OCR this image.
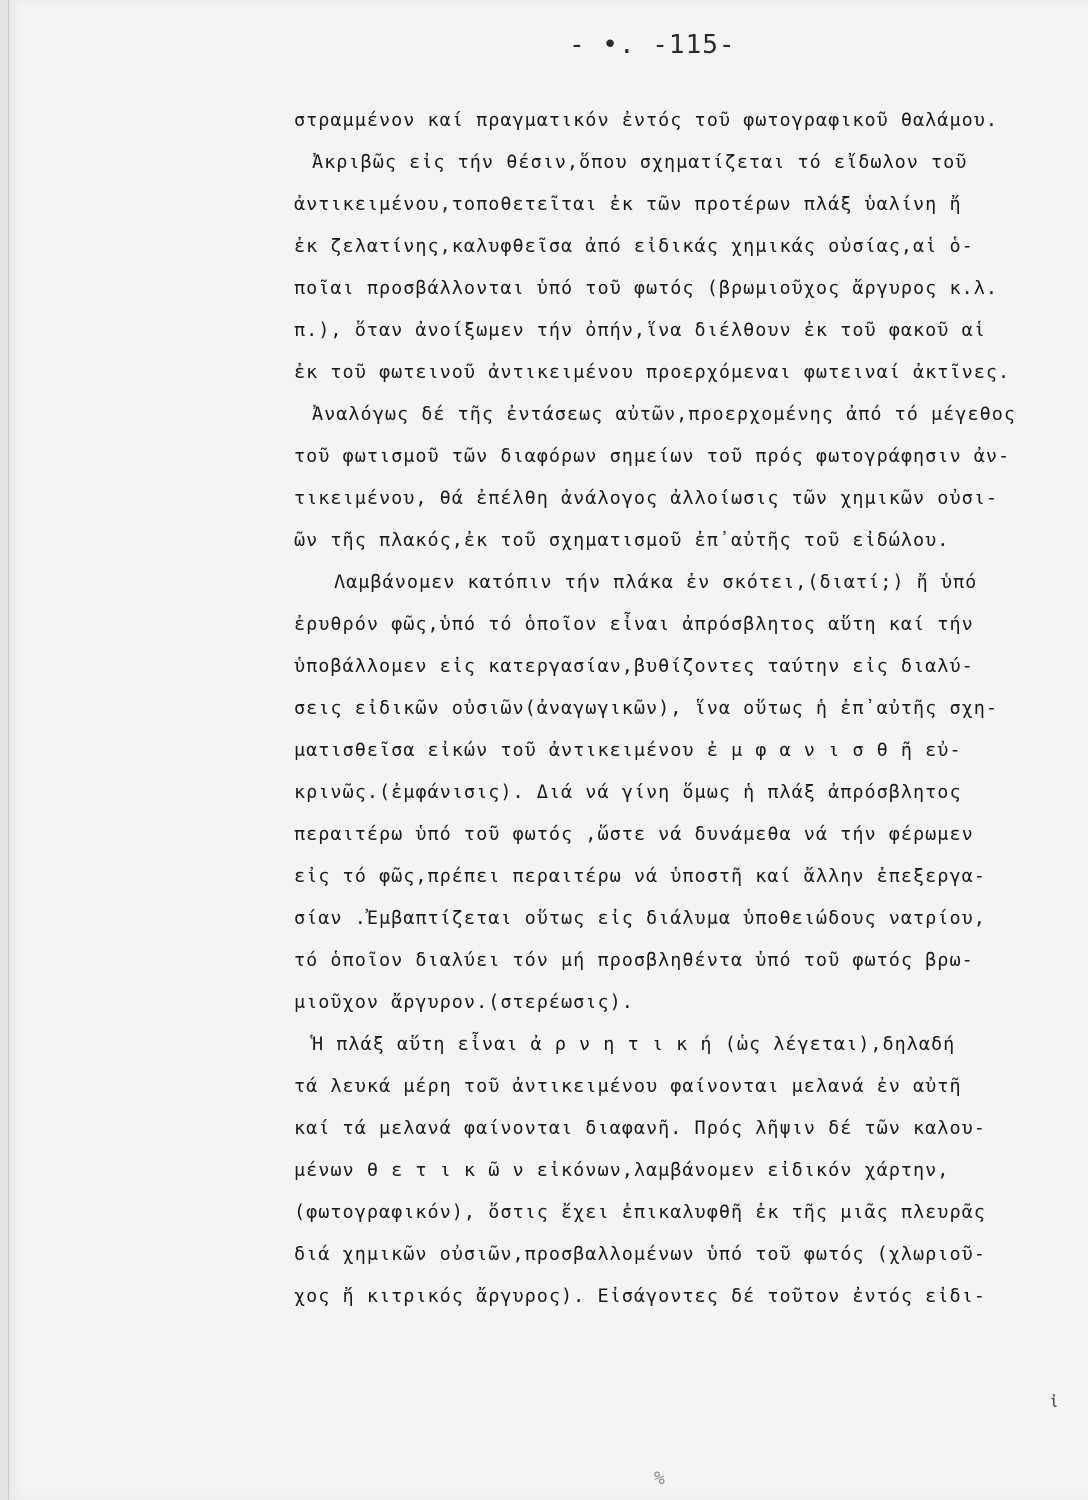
- •. -115-
στραμμένον καί πραγματικόν ἐντός τοῦ φωτογραφικοῦ θαλάμου.
Ἀκριβῶς εἰς τήν θέσιν,ὅπου σχηματίζεται τό εἴδωλον τοῦ
ἀντικειμένου,τοποθετεῖται ἐκ τῶν προτέρων πλάξ ὑαλίνη ἤ
ἐκ ζελατίνης,καλυφθεῖσα ἀπό εἰδικάς χημικάς οὐσίας,αἱ ὁ-
ποῖαι προσβάλλονται ὑπό τοῦ φωτός (βρωμιοῦχος ἄργυρος κ.λ.
π.), ὅταν ἀνοίξωμεν τήν ὀπήν,ἵνα διέλθουν ἐκ τοῦ φακοῦ αἱ
ἐκ τοῦ φωτεινοῦ ἀντικειμένου προερχόμεναι φωτειναί ἀκτῖνες.
Ἀναλόγως δέ τῆς ἐντάσεως αὐτῶν,προερχομένης ἀπό τό μέγεθος
τοῦ φωτισμοῦ τῶν διαφόρων σημείων τοῦ πρός φωτογράφησιν ἀν-
τικειμένου, θά ἐπέλθη ἀνάλογος ἀλλοίωσις τῶν χημικῶν οὐσι-
ῶν τῆς πλακός,ἐκ τοῦ σχηματισμοῦ ἐπ᾽αὐτῆς τοῦ εἰδώλου.
Λαμβάνομεν κατόπιν τήν πλάκα ἐν σκότει,(διατί;) ἤ ὑπό
ἐρυθρόν φῶς,ὑπό τό ὁποῖον εἶναι ἀπρόσβλητος αὕτη καί τήν
ὑποβάλλομεν εἰς κατεργασίαν,βυθίζοντες ταύτην εἰς διαλύ-
σεις εἰδικῶν οὐσιῶν(ἀναγωγικῶν), ἵνα οὕτως ἡ ἐπ᾽αὐτῆς σχη-
ματισθεῖσα εἰκών τοῦ ἀντικειμένου ἐ μ φ α ν ι σ θ ῆ εὐ-
κρινῶς.(ἐμφάνισις). Διά νά γίνη ὅμως ἡ πλάξ ἀπρόσβλητος
περαιτέρω ὑπό τοῦ φωτός ,ὥστε νά δυνάμεθα νά τήν φέρωμεν
εἰς τό φῶς,πρέπει περαιτέρω νά ὑποστῆ καί ἄλλην ἐπεξεργα-
σίαν .Ἐμβαπτίζεται οὕτως εἰς διάλυμα ὑποθειώδους νατρίου,
τό ὁποῖον διαλύει τόν μή προσβληθέντα ὑπό τοῦ φωτός βρω-
μιοῦχον ἄργυρον.(στερέωσις).
Ἡ πλάξ αὕτη εἶναι ἀ ρ ν η τ ι κ ή (ὡς λέγεται),δηλαδή
τά λευκά μέρη τοῦ ἀντικειμένου φαίνονται μελανά ἐν αὐτῆ
καί τά μελανά φαίνονται διαφανῆ. Πρός λῆψιν δέ τῶν καλου-
μένων θ ε τ ι κ ῶ ν εἰκόνων,λαμβάνομεν εἰδικόν χάρτην,
(φωτογραφικόν), ὅστις ἔχει ἐπικαλυφθῆ ἐκ τῆς μιᾶς πλευρᾶς
διά χημικῶν οὐσιῶν,προσβαλλομένων ὑπό τοῦ φωτός (χλωριοῦ-
χος ἤ κιτρικός ἄργυρος). Εἰσάγοντες δέ τοῦτον ἐντός εἰδι-
ἰ
%
